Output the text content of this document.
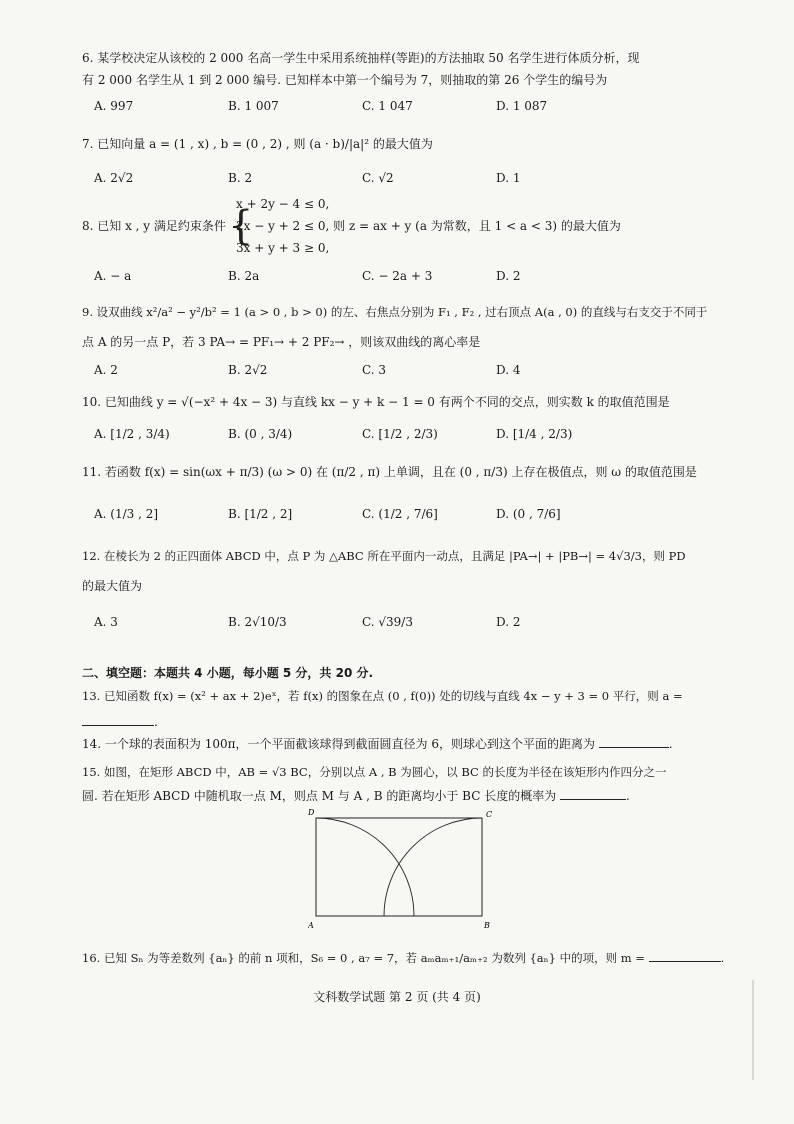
6. 某学校决定从该校的 2 000 名高一学生中采用系统抽样(等距)的方法抽取 50 名学生进行体质分析，现
有 2 000 名学生从 1 到 2 000 编号. 已知样本中第一个编号为 7，则抽取的第 26 个学生的编号为
A. 997	B. 1 007	C. 1 047	D. 1 087
7. 已知向量 a = (1 , x) , b = (0 , 2) , 则 (a · b)/|a|² 的最大值为
A. 2√2	B. 2	C. √2	D. 1
8. 已知 x , y 满足约束条件 {
x + 2y − 4 ≤ 0,
2x − y + 2 ≤ 0, 则 z = ax + y (a 为常数，且 1 < a < 3) 的最大值为
3x + y + 3 ≥ 0,
A. − a	B. 2a	C. − 2a + 3	D. 2
9. 设双曲线 x²/a² − y²/b² = 1 (a > 0 , b > 0) 的左、右焦点分别为 F₁ , F₂ , 过右顶点 A(a , 0) 的直线与右支交于不同于
点 A 的另一点 P，若 3 PA→ = PF₁→ + 2 PF₂→ ，则该双曲线的离心率是
A. 2	B. 2√2	C. 3	D. 4
10. 已知曲线 y = √(−x² + 4x − 3) 与直线 kx − y + k − 1 = 0 有两个不同的交点，则实数 k 的取值范围是
A. [1/2 , 3/4)	B. (0 , 3/4)	C. [1/2 , 2/3)	D. [1/4 , 2/3)
11. 若函数 f(x) = sin(ωx + π/3) (ω > 0) 在 (π/2 , π) 上单调，且在 (0 , π/3) 上存在极值点，则 ω 的取值范围是
A. (1/3 , 2]	B. [1/2 , 2]	C. (1/2 , 7/6]	D. (0 , 7/6]
12. 在棱长为 2 的正四面体 ABCD 中，点 P 为 △ABC 所在平面内一动点，且满足 |PA→| + |PB→| = 4√3/3，则 PD
的最大值为
A. 3	B. 2√10/3	C. √39/3	D. 2
二、填空题：本题共 4 小题，每小题 5 分，共 20 分.
13. 已知函数 f(x) = (x² + ax + 2)eˣ，若 f(x) 的图象在点 (0 , f(0)) 处的切线与直线 4x − y + 3 = 0 平行，则 a =
.
14. 一个球的表面积为 100π，一个平面截该球得到截面圆直径为 6，则球心到这个平面的距离为	.
15. 如图，在矩形 ABCD 中，AB = √3 BC，分别以点 A , B 为圆心，以 BC 的长度为半径在该矩形内作四分之一
圆. 若在矩形 ABCD 中随机取一点 M，则点 M 与 A , B 的距离均小于 BC 长度的概率为	.
D	C
A	B
16. 已知 Sₙ 为等差数列 {aₙ} 的前 n 项和，S₆ = 0 , a₇ = 7，若 aₘaₘ₊₁/aₘ₊₂ 为数列 {aₙ} 中的项，则 m =	.
文科数学试题 第 2 页 (共 4 页)
